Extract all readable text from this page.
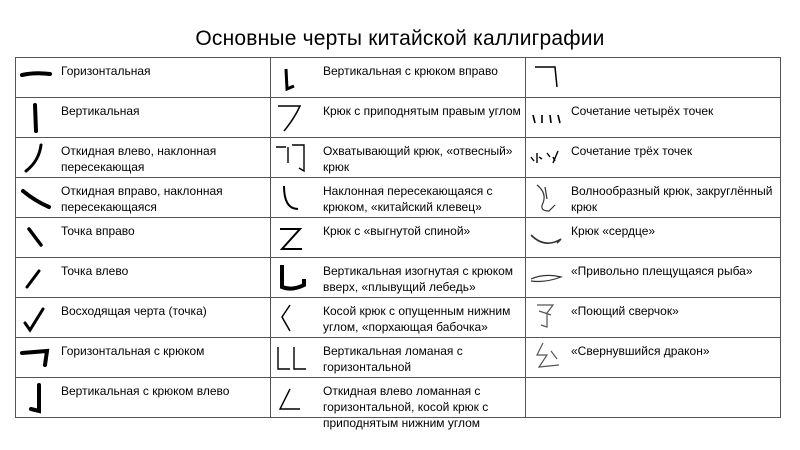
Основные черты китайской каллиграфии
Горизонтальная	Вертикальная с крюком вправо

Вертикальная	Крюк с приподнятым правым углом	Сочетание четырёх точек

Откидная влево, наклонная пересекающая	Охватывающий крюк, «отвесный» крюк	Сочетание трёх точек

Откидная вправо, наклонная пересекающаяся	Наклонная пересекающаяся с крюком, «китайский клевец»	Волнообразный крюк, закруглённый крюк

Точка вправо	Крюк с «выгнутой спиной»	Крюк «сердце»

Точка влево	Вертикальная изогнутая с крюком вверх, «плывущий лебедь»	«Привольно плещущаяся рыба»

Восходящая черта (точка)	Косой крюк с опущенным нижним углом, «порхающая бабочка»	«Поющий сверчок»

Горизонтальная с крюком	Вертикальная ломаная с горизонтальной	«Свернувшийся дракон»

Вертикальная с крюком влево	Откидная влево ломанная с горизонтальной, косой крюк с приподнятым нижним углом	
